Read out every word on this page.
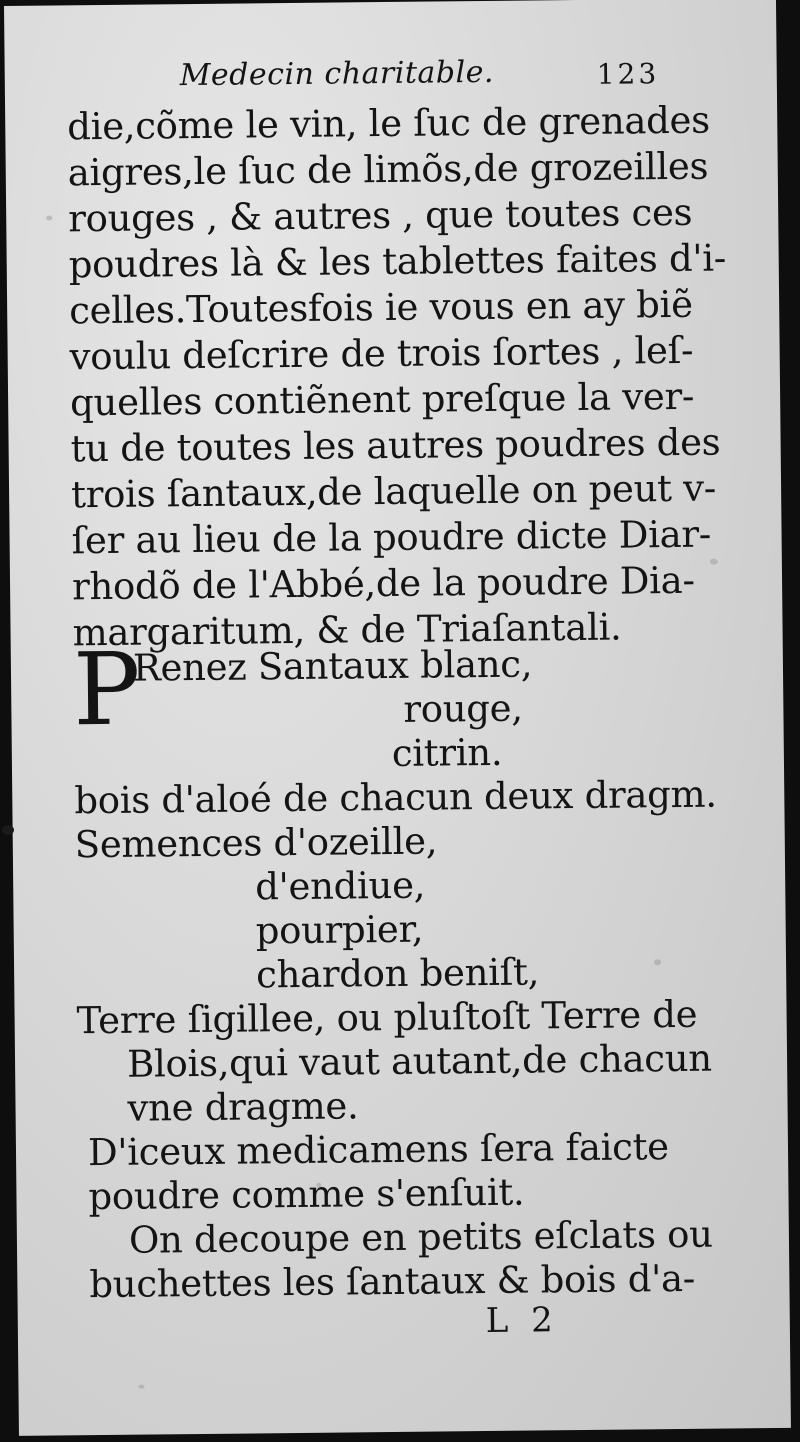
Medecin charitable.	123
die,cõme le vin, le ſuc de grenades
aigres,le ſuc de limõs,de grozeilles
rouges , & autres , que toutes ces
poudres là & les tablettes faites d'i-
celles.Toutesfois ie vous en ay biẽ
voulu deſcrire de trois ſortes , leſ-
quelles contiẽnent preſque la ver-
tu de toutes les autres poudres des
trois ſantaux,de laquelle on peut v-
ſer au lieu de la poudre dicte Diar-
rhodõ de l'Abbé,de la poudre Dia-
margaritum, & de Triaſantali.
P
Renez Santaux blanc,
rouge,
citrin.
bois d'aloé de chacun deux dragm.
Semences d'ozeille,
d'endiue,
pourpier,
chardon beniſt,
Terre ſigillee, ou pluſtoſt Terre de
Blois,qui vaut autant,de chacun
vne dragme.
D'iceux medicamens ſera faicte
poudre comme s'enſuit.
On decoupe en petits eſclats ou
buchettes les ſantaux & bois d'a-
L 2
